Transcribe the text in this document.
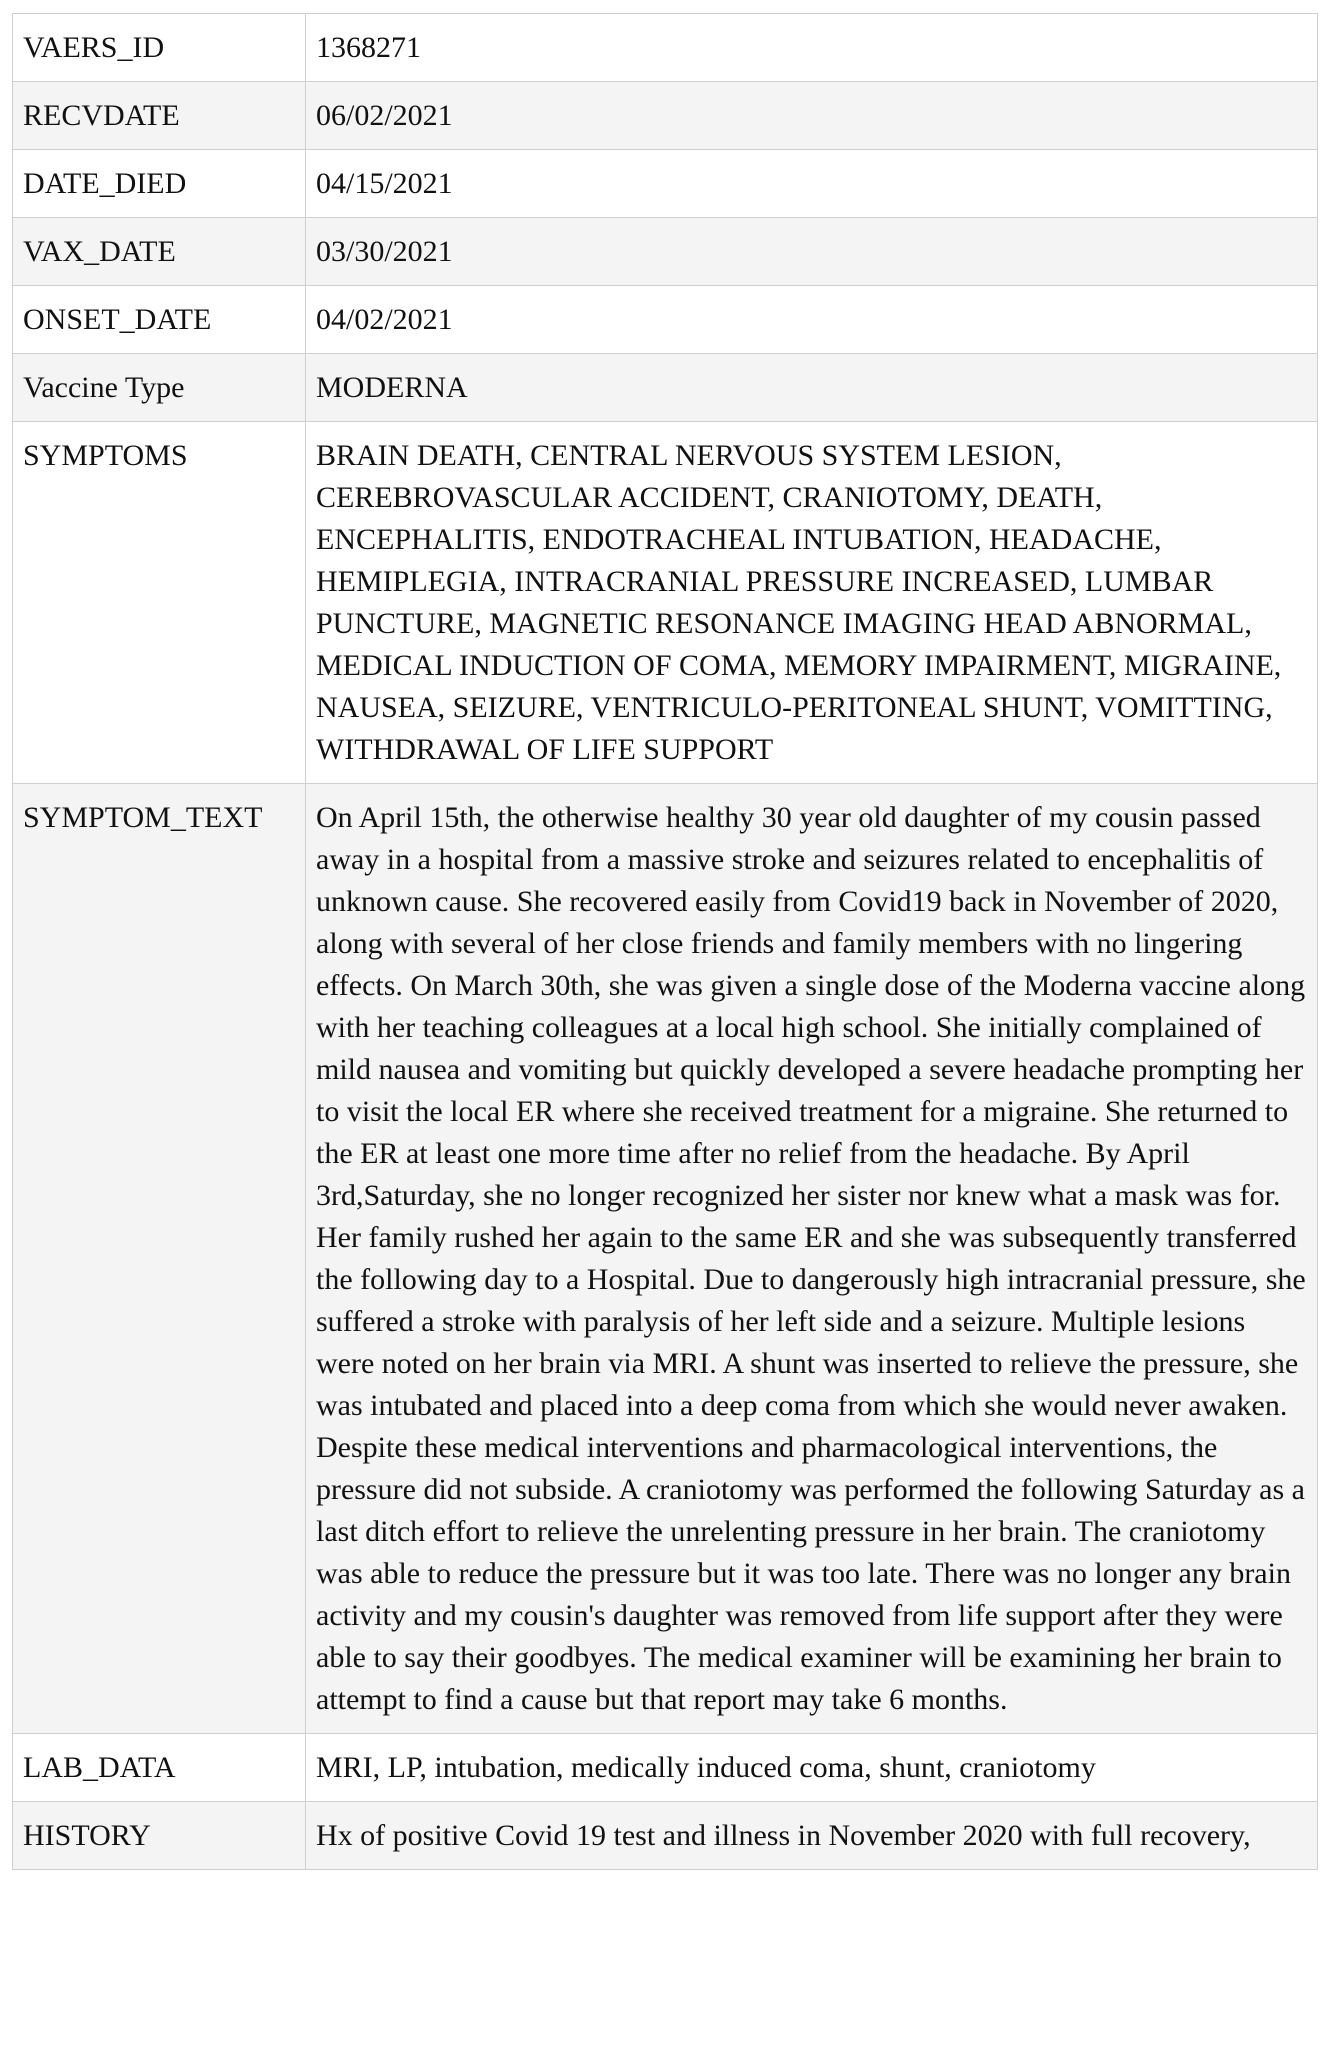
VAERS_ID	1368271
RECVDATE	06/02/2021
DATE_DIED	04/15/2021
VAX_DATE	03/30/2021
ONSET_DATE	04/02/2021
Vaccine Type	MODERNA
SYMPTOMS	BRAIN DEATH, CENTRAL NERVOUS SYSTEM LESION, CEREBROVASCULAR ACCIDENT, CRANIOTOMY, DEATH, ENCEPHALITIS, ENDOTRACHEAL INTUBATION, HEADACHE, HEMIPLEGIA, INTRACRANIAL PRESSURE INCREASED, LUMBAR PUNCTURE, MAGNETIC RESONANCE IMAGING HEAD ABNORMAL, MEDICAL INDUCTION OF COMA, MEMORY IMPAIRMENT, MIGRAINE, NAUSEA, SEIZURE, VENTRICULO-PERITONEAL SHUNT, VOMITTING, WITHDRAWAL OF LIFE SUPPORT
SYMPTOM_TEXT	On April 15th, the otherwise healthy 30 year old daughter of my cousin passed away in a hospital from a massive stroke and seizures related to encephalitis of unknown cause. She recovered easily from Covid19 back in November of 2020, along with several of her close friends and family members with no lingering effects. On March 30th, she was given a single dose of the Moderna vaccine along with her teaching colleagues at a local high school. She initially complained of mild nausea and vomiting but quickly developed a severe headache prompting her to visit the local ER where she received treatment for a migraine. She returned to the ER at least one more time after no relief from the headache. By April 3rd,Saturday, she no longer recognized her sister nor knew what a mask was for. Her family rushed her again to the same ER and she was subsequently transferred the following day to a Hospital. Due to dangerously high intracranial pressure, she suffered a stroke with paralysis of her left side and a seizure. Multiple lesions were noted on her brain via MRI. A shunt was inserted to relieve the pressure, she was intubated and placed into a deep coma from which she would never awaken. Despite these medical interventions and pharmacological interventions, the pressure did not subside. A craniotomy was performed the following Saturday as a last ditch effort to relieve the unrelenting pressure in her brain. The craniotomy was able to reduce the pressure but it was too late. There was no longer any brain activity and my cousin's daughter was removed from life support after they were able to say their goodbyes. The medical examiner will be examining her brain to attempt to find a cause but that report may take 6 months.
LAB_DATA	MRI, LP, intubation, medically induced coma, shunt, craniotomy
HISTORY	Hx of positive Covid 19 test and illness in November 2020 with full recovery,
